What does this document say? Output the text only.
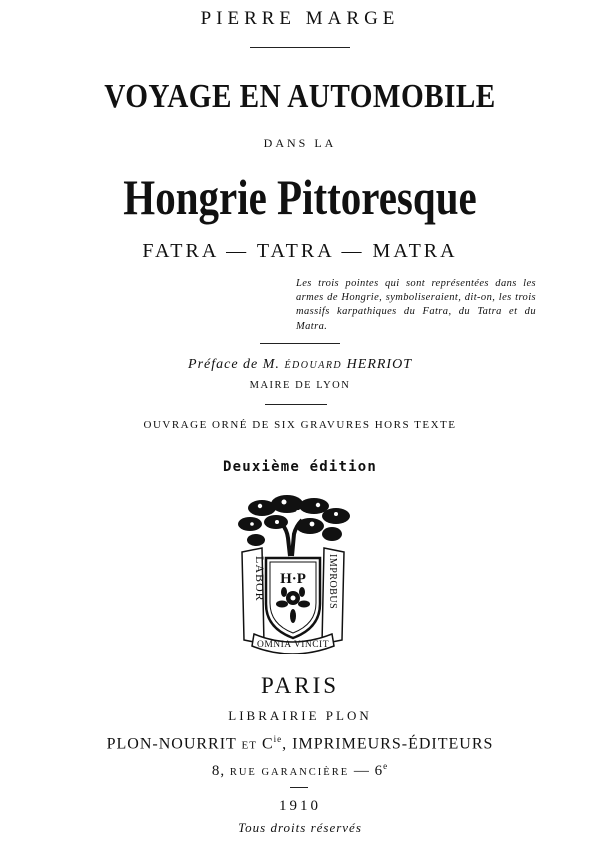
PIERRE MARGE
VOYAGE EN AUTOMOBILE
DANS LA
Hongrie Pittoresque
FATRA — TATRA — MATRA
Les trois pointes qui sont représentées dans les armes de Hongrie, symboliseraient, dit-on, les trois massifs karpathiques du Fatra, du Tatra et du Matra.
Préface de M. ÉDOUARD HERRIOT
MAIRE DE LYON
OUVRAGE ORNÉ DE SIX GRAVURES HORS TEXTE
Deuxième édition
H·P
LABOR	IMPROBUS
OMNIA VINCIT
PARIS
LIBRAIRIE PLON
PLON-NOURRIT ET $C^{ie}$, IMPRIMEURS-ÉDITEURS
8, RUE GARANCIÈRE — 6e
1910
Tous droits réservés
